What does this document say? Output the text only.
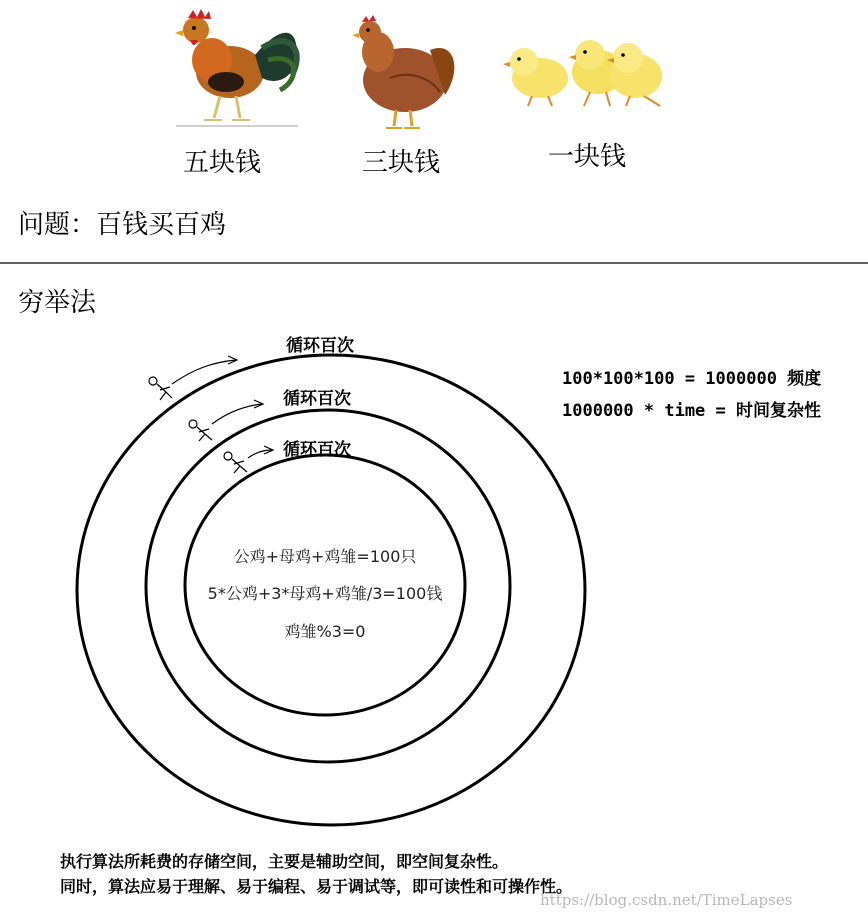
五块钱	三块钱	一块钱
问题：百钱买百鸡
穷举法
循环百次
循环百次
循环百次
100*100*100 = 1000000 频度
1000000 * time = 时间复杂性
公鸡+母鸡+鸡雏=100只
5*公鸡+3*母鸡+鸡雏/3=100钱
鸡雏%3=0
执行算法所耗费的存储空间，主要是辅助空间，即空间复杂性。
同时，算法应易于理解、易于编程、易于调试等，即可读性和可操作性。
https://blog.csdn.net/TimeLapses
